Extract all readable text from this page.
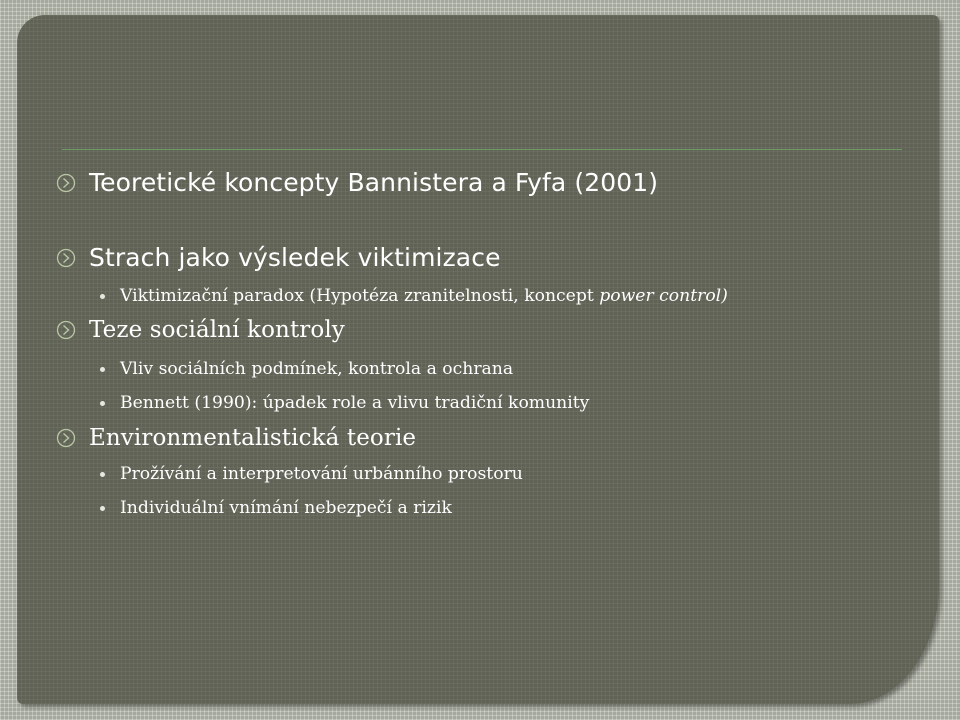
Teoretické koncepty Bannistera a Fyfa (2001)
Strach jako výsledek viktimizace
Viktimizační paradox (Hypotéza zranitelnosti, koncept power control)
Teze sociální kontroly
Vliv sociálních podmínek, kontrola a ochrana
Bennett (1990): úpadek role a vlivu tradiční komunity
Environmentalistická teorie
Prožívání a interpretování urbánního prostoru
Individuální vnímání nebezpečí a rizik
